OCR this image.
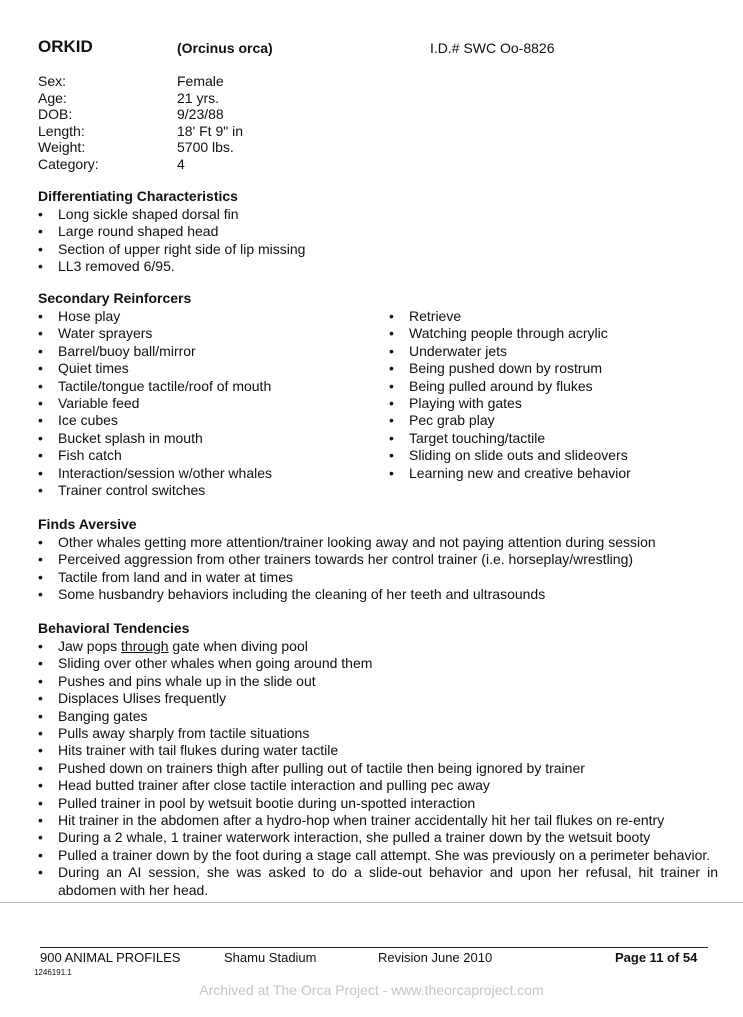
ORKID	(Orcinus orca)	I.D.# SWC Oo-8826
Sex:	Female
Age:	21 yrs.
DOB:	9/23/88
Length:	18' Ft 9" in
Weight:	5700 lbs.
Category:	4
Differentiating Characteristics
• Long sickle shaped dorsal fin
• Large round shaped head
• Section of upper right side of lip missing
• LL3 removed 6/95.
Secondary Reinforcers
• Hose play
• Water sprayers
• Barrel/buoy ball/mirror
• Quiet times
• Tactile/tongue tactile/roof of mouth
• Variable feed
• Ice cubes
• Bucket splash in mouth
• Fish catch
• Interaction/session w/other whales
• Trainer control switches
• Retrieve
• Watching people through acrylic
• Underwater jets
• Being pushed down by rostrum
• Being pulled around by flukes
• Playing with gates
• Pec grab play
• Target touching/tactile
• Sliding on slide outs and slideovers
• Learning new and creative behavior
Finds Aversive
• Other whales getting more attention/trainer looking away and not paying attention during session
• Perceived aggression from other trainers towards her control trainer (i.e. horseplay/wrestling)
• Tactile from land and in water at times
• Some husbandry behaviors including the cleaning of her teeth and ultrasounds
Behavioral Tendencies
• Jaw pops through gate when diving pool
• Sliding over other whales when going around them
• Pushes and pins whale up in the slide out
• Displaces Ulises frequently
• Banging gates
• Pulls away sharply from tactile situations
• Hits trainer with tail flukes during water tactile
• Pushed down on trainers thigh after pulling out of tactile then being ignored by trainer
• Head butted trainer after close tactile interaction and pulling pec away
• Pulled trainer in pool by wetsuit bootie during un-spotted interaction
• Hit trainer in the abdomen after a hydro-hop when trainer accidentally hit her tail flukes on re-entry
• During a 2 whale, 1 trainer waterwork interaction, she pulled a trainer down by the wetsuit booty
• Pulled a trainer down by the foot during a stage call attempt. She was previously on a perimeter behavior.
• During an AI session, she was asked to do a slide-out behavior and upon her refusal, hit trainer in abdomen with her head.
900 ANIMAL PROFILES	Shamu Stadium	Revision June 2010	Page 11 of 54
1246191.1
Archived at The Orca Project - www.theorcaproject.com
